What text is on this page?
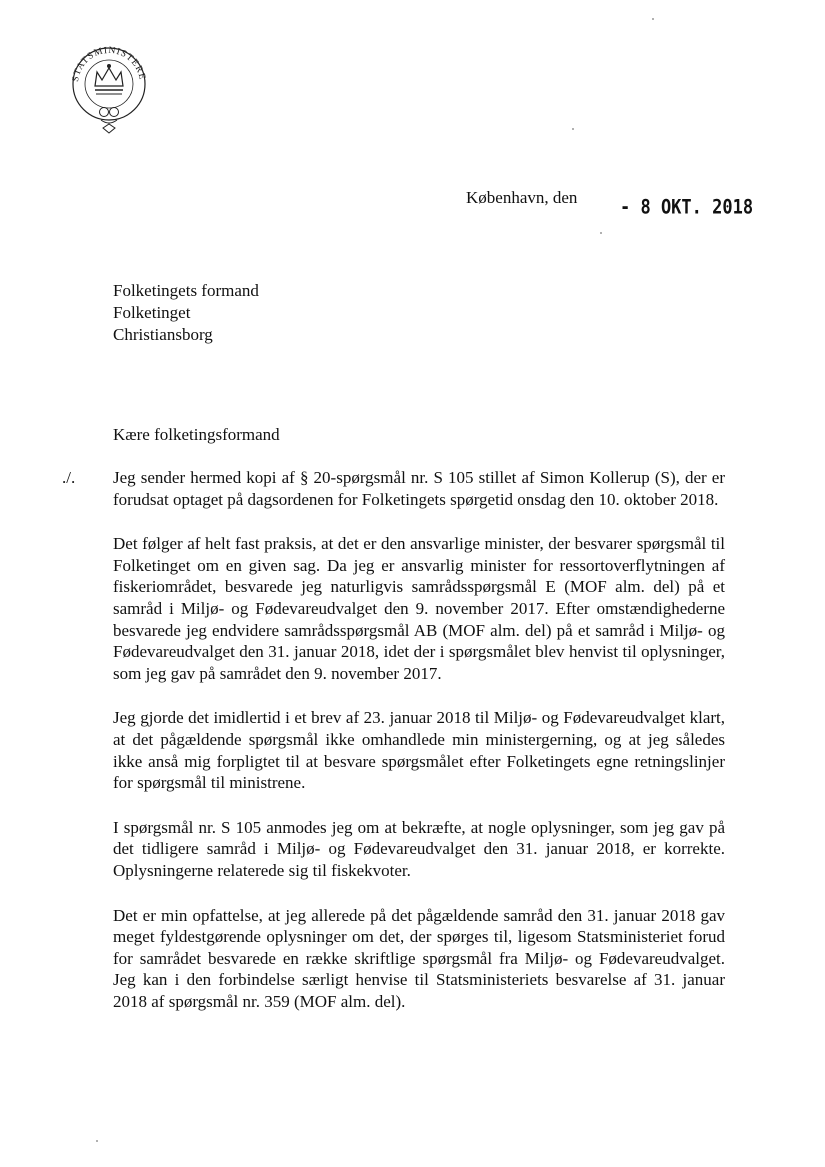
STATSMINISTERE
København, den	- 8 OKT. 2018
Folketingets formand
Folketinget
Christiansborg
Kære folketingsformand
./. Jeg sender hermed kopi af § 20-spørgsmål nr. S 105 stillet af Simon Kollerup (S), der er forudsat optaget på dagsordenen for Folketingets spørgetid onsdag den 10. oktober 2018.

Det følger af helt fast praksis, at det er den ansvarlige minister, der besvarer spørgsmål til Folketinget om en given sag. Da jeg er ansvarlig minister for ressortoverflytningen af fiskeriområdet, besvarede jeg naturligvis samrådsspørgsmål E (MOF alm. del) på et samråd i Miljø- og Fødevareudvalget den 9. november 2017. Efter omstændighederne besvarede jeg endvidere samrådsspørgsmål AB (MOF alm. del) på et samråd i Miljø- og Fødevareudvalget den 31. januar 2018, idet der i spørgsmålet blev henvist til oplysninger, som jeg gav på samrådet den 9. november 2017.

Jeg gjorde det imidlertid i et brev af 23. januar 2018 til Miljø- og Fødevareudvalget klart, at det pågældende spørgsmål ikke omhandlede min ministergerning, og at jeg således ikke anså mig forpligtet til at besvare spørgsmålet efter Folketingets egne retningslinjer for spørgsmål til ministrene.

I spørgsmål nr. S 105 anmodes jeg om at bekræfte, at nogle oplysninger, som jeg gav på det tidligere samråd i Miljø- og Fødevareudvalget den 31. januar 2018, er korrekte. Oplysningerne relaterede sig til fiskekvoter.

Det er min opfattelse, at jeg allerede på det pågældende samråd den 31. januar 2018 gav meget fyldestgørende oplysninger om det, der spørges til, ligesom Statsministeriet forud for samrådet besvarede en række skriftlige spørgsmål fra Miljø- og Fødevareudvalget. Jeg kan i den forbindelse særligt henvise til Statsministeriets besvarelse af 31. januar 2018 af spørgsmål nr. 359 (MOF alm. del).
